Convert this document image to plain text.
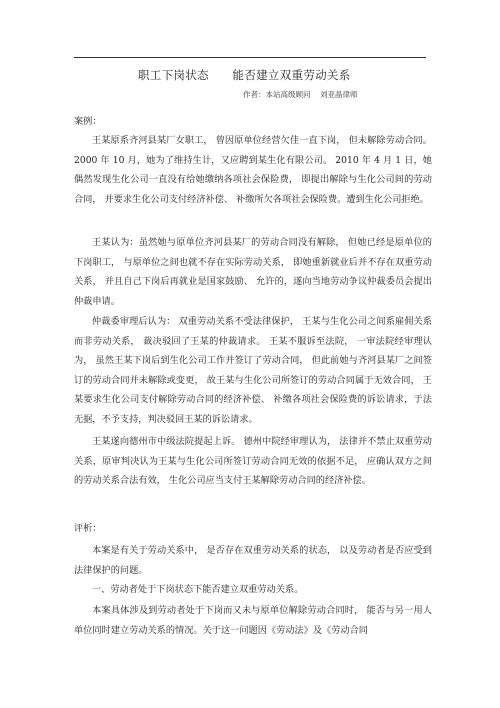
职工下岗状态      能否建立双重劳动关系
作者：本站高级顾问    刘亚晶律师
案例：

王某原系齐河县某厂女职工， 曾因原单位经营欠佳一直下岗， 但未解除劳动合同。 2000 年 10 月，她为了维持生计，又应聘到某生化有限公司。 2010 年 4 月 1 日，她偶然发现生化公司一直没有给她缴纳各项社会保险费， 即提出解除与生化公司间的劳动合同， 并要求生化公司支付经济补偿、 补缴所欠各项社会保险费。遭到生化公司拒绝。

王某认为：虽然她与原单位齐河县某厂的劳动合同没有解除， 但她已经是原单位的下岗职工， 与原单位之间也就不存在实际劳动关系， 即她重新就业后并不存在双重劳动关系， 并且自己下岗后再就业是国家鼓励、 允许的，遂向当地劳动争议仲裁委员会提出仲裁申请。

仲裁委审理后认为： 双重劳动关系不受法律保护， 王某与生化公司之间系雇佣关系而非劳动关系， 裁决驳回了王某的仲裁请求。 王某不服诉至法院， 一审法院经审理认为， 虽然王某下岗后到生化公司工作并签订了劳动合同， 但此前她与齐河县某厂之间签订的劳动合同并未解除或变更， 故王某与生化公司所签订的劳动合同属于无效合同， 王某要求生化公司支付解除劳动合同的经济补偿、 补缴各项社会保险费的诉讼请求，于法无据，不予支持，判决驳回王某的诉讼请求。

王某遂向德州市中级法院提起上诉。 德州中院经审理认为， 法律并不禁止双重劳动关系，原审判决认为王某与生化公司所签订劳动合同无效的依据不足， 应确认双方之间的劳动关系合法有效， 生化公司应当支付王某解除劳动合同的经济补偿。

评析：

本案是有关于劳动关系中， 是否存在双重劳动关系的状态， 以及劳动者是否应受到法律保护的问题。

一、劳动者处于下岗状态下能否建立双重劳动关系。

本案具体涉及到劳动者处于下岗而又未与原单位解除劳动合同时， 能否与另一用人单位同时建立劳动关系的情况。关于这一问题因《劳动法》及《劳动合同
